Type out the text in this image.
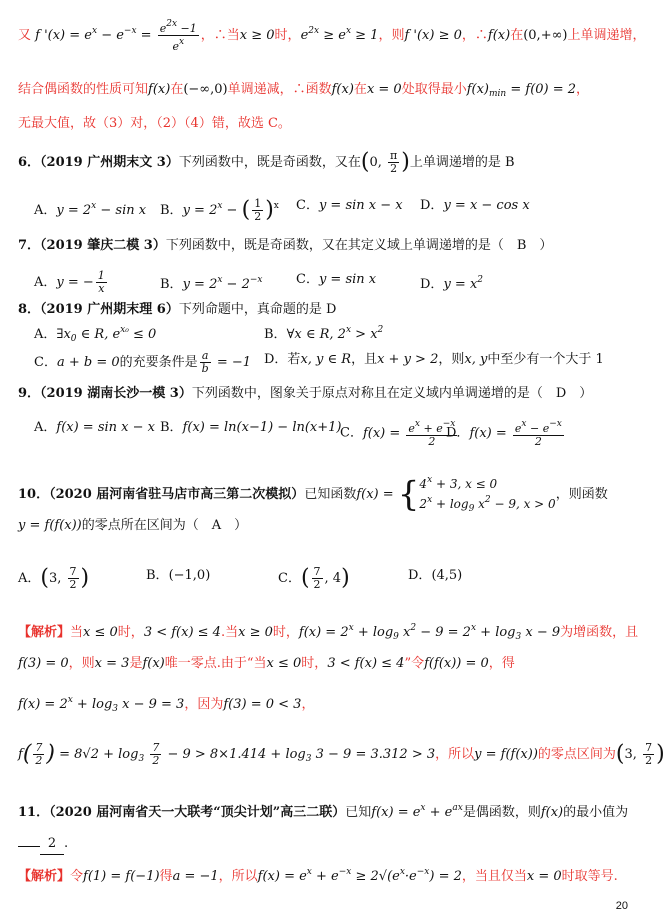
又 f '$(x) = e^x - e^{-x} = \frac{e^{2x} -1}{e^x}$ ，∴当x ≥ 0时，$e^{2x} \ge e^x \ge 1$，则f '(x) ≥ 0，∴f(x)在(0,+∞)上单调递增，
结合偶函数的性质可知f(x)在(−∞,0)单调递减，∴函数f(x)在x = 0处取得最小$f(x)_{min} = f(0) = 2$，
无最大值，故（3）对，（2）（4）错，故选 C。
6．（2019 广州期末文 3）下列函数中，既是奇函数，又在(0, $\frac{\pi}{2}$ )上单调递增的是 B
A．$y = 2^x - \sin x$ B．$y = 2^x$ − ( $\frac{1}{2} )^x$ C．y = sin x − x D．y = x − cos x
7．（2019 肇庆二模 3）下列函数中，既是奇函数，又在其定义域上单调递增的是（　B　）
A．y = − $\frac{1}{x}$	B．$y = 2^x - 2^{-x}$	C．y = sin x	D．$y = x^2$
8．（2019 广州期末理 6）下列命题中，真命题的是 D
A．$\exists x_0$ ∈ R, $e^{x_0} \le 0$	B．∀x ∈ R, $2^x > x^2$
C．a + b = 0的充要条件是 $\frac{a}{b} = -1$ D．若x, y ∈ R，且x + y > 2，则x, y中至少有一个大于 1
9．（2019 湖南长沙一模 3）下列函数中，图象关于原点对称且在定义域内单调递增的是（　D　）
A．f(x) = sin x − x B．f(x) = ln(x−1) − ln(x+1)
C．$f(x) = \frac{e^x + e^{-x}}{2}$
D．$f(x) = \frac{e^x - e^{-x}}{2}$
10．（2020 届河南省驻马店市高三第二次模拟）已知函数f(x) = { $4^x + 3$, x ≤ 0
$2^x + \log_9 x^2 - 9$, x > 0
，则函数
y = f(f(x))的零点所在区间为（　A　）
A．(3, $\frac{7}{2}$ )	B．(−1,0)	C．( $\frac{7}{2}$ , 4)	D．(4,5)
【解析】当x ≤ 0时，3 < f(x) ≤ 4.当x ≥ 0时，$f(x) = 2^x + \log_9 x^2 - 9 = 2^x + \log_3 x - 9$为增函数，且
f(3) = 0，则x = 3是f(x)唯一零点.由于“当x ≤ 0时，3 < f(x) ≤ 4”令f(f(x)) = 0，得
$f(x) = 2^x + \log_3 x - 9 = 3$，因为f(3) = 0 < 3，
$f( \frac{7}{2}$ ) = $8√2 + \log_3 \frac{7}{2} - 9 > 8\times 1.414 + \log_3 3 - 9 = 3.312 > 3$，所以y = f(f(x))的零点区间为(3, $\frac{7}{2}$ )
11．（2020 届河南省天一大联考“顶尖计划”高三二联）已知$f(x) = e^x + e^{ax}$是偶函数，则f(x)的最小值为
2 .
【解析】令f(1) = f(−1)得a = −1，所以$f(x) = e^x + e^{-x} \ge 2√(e^x\cdot e^{-x}) = 2$，当且仅当x = 0时取等号.
20
